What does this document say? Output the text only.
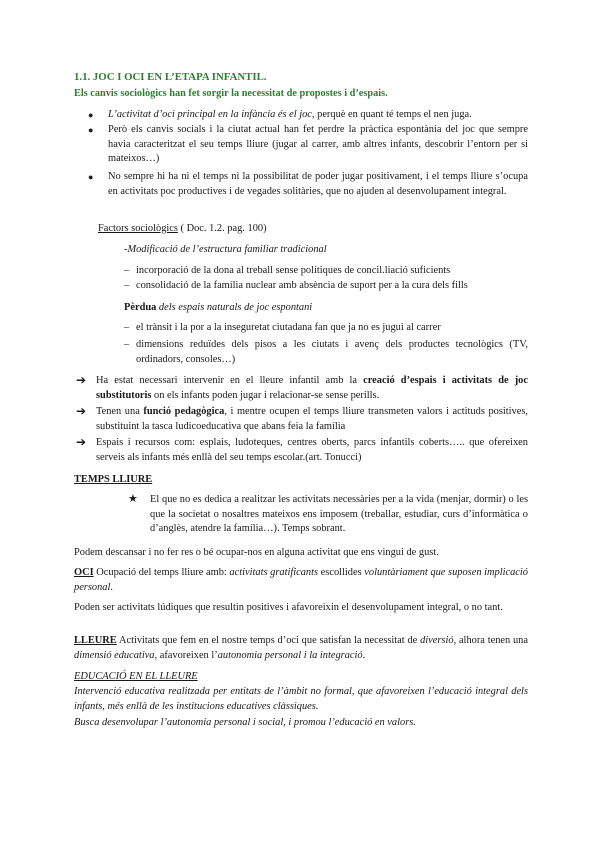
1.1. JOC I OCI EN L’ETAPA INFANTIL.
Els canvis sociològics han fet sorgir la necessitat de propostes i d’espais.
● L’activitat d’oci principal en la infància és el joc, perquè en quant té temps el nen juga.
● Però els canvis socials i la ciutat actual han fet perdre la pràctica espontània del joc que sempre havia caracteritzat el seu temps lliure (jugar al carrer, amb altres infants, descobrir l’entorn per si mateixos…)
● No sempre hi ha ni el temps ni la possibilitat de poder jugar positivament, i el temps lliure s’ocupa en activitats poc productives i de vegades solitàries, que no ajuden al desenvolupament integral.
Factors sociològics ( Doc. 1.2. pag. 100)
-Modificació de l’estructura familiar tradicional
– incorporació de la dona al treball sense polítiques de concil.liació suficients
– consolidació de la família nuclear amb absència de suport per a la cura dels fills
Pèrdua dels espais naturals de joc espontani
– el trànsit i la por a la inseguretat ciutadana fan que ja no es jugui al carrer
– dimensions reduïdes dels pisos a les ciutats i avenç dels productes tecnològics (TV, ordinadors, consoles…)
➔ Ha estat necessari intervenir en el lleure infantil amb la creació d’espais i activitats de joc substitutoris on els infants poden jugar i relacionar-se sense perills.
➔ Tenen una funció pedagògica, i mentre ocupen el temps lliure transmeten valors i actituds positives, substituint la tasca ludicoeducativa que abans feia la família
➔ Espais i recursos com: esplais, ludoteques, centres oberts, parcs infantils coberts….. que ofereixen serveis als infants més enllà del seu temps escolar.(art. Tonucci)
TEMPS LLIURE
★ El que no es dedica a realitzar les activitats necessàries per a la vida (menjar, dormir) o les que la societat o nosaltres mateixos ens imposem (treballar, estudiar, curs d’informàtica o d’anglès, atendre la família…). Temps sobrant.
Podem descansar i no fer res o bé ocupar-nos en alguna activitat que ens vingui de gust.
OCI Ocupació del temps lliure amb: activitats gratificants escollides voluntàriament que suposen implicació personal.
Poden ser activitats lúdiques que resultin positives i afavoreixin el desenvolupament integral, o no tant.
LLEURE Activitats que fem en el nostre temps d’oci que satisfan la necessitat de diversió, alhora tenen una dimensió educativa, afavoreixen l’autonomia personal i la integració.
EDUCACIÓ EN EL LLEURE
Intervenció educativa realitzada per entitats de l’àmbit no formal, que afavoreixen l’educació integral dels infants, més enllà de les institucions educatives clàssiques.
Busca desenvolupar l’autonomia personal i social, i promou l’educació en valors.
